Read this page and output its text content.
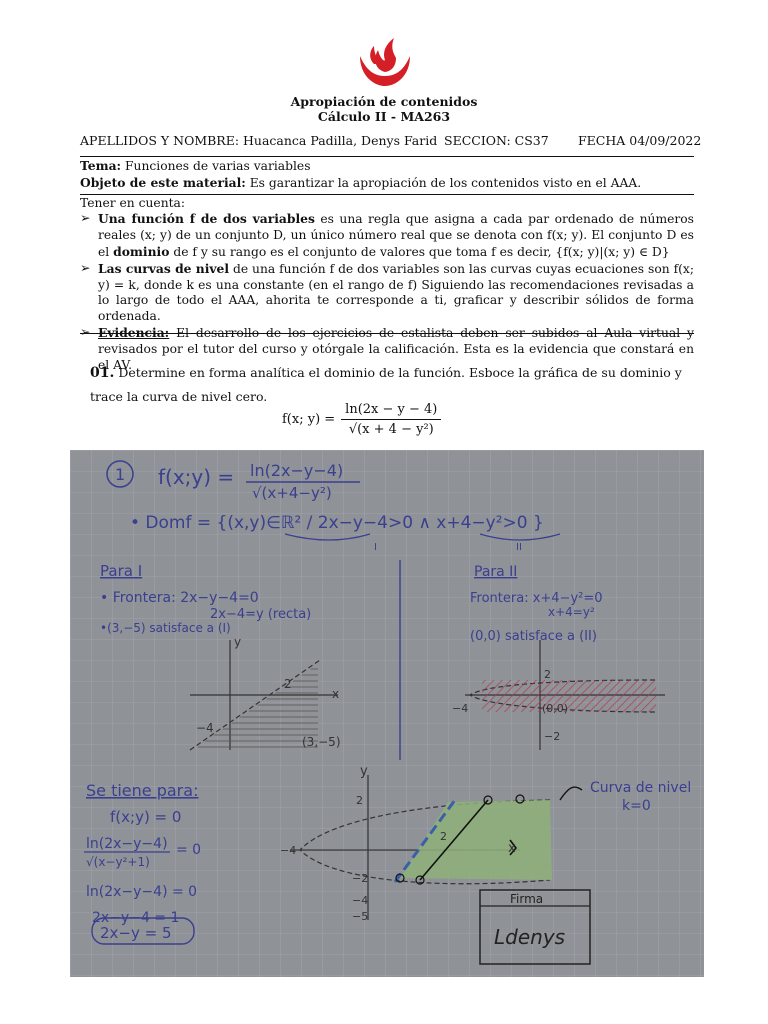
Apropiación de contenidos
Cálculo II - MA263
APELLIDOS Y NOMBRE: Huacanca Padilla, Denys Farid SECCION: CS37 FECHA 04/09/2022
Tema: Funciones de varias variables
Objeto de este material: Es garantizar la apropiación de los contenidos visto en el AAA.
Tener en cuenta:
➢ Una función f de dos variables es una regla que asigna a cada par ordenado de números reales (x; y) de un conjunto D, un único número real que se denota con f(x; y). El conjunto D es el dominio de f y su rango es el conjunto de valores que toma f es decir, {f(x; y)|(x; y) ∈ D}
➢ Las curvas de nivel de una función f de dos variables son las curvas cuyas ecuaciones son f(x; y) = k, donde k es una constante (en el rango de f) Siguiendo las recomendaciones revisadas a lo largo de todo el AAA, ahorita te corresponde a ti, graficar y describir sólidos de forma ordenada.
➢ Evidencia: El desarrollo de los ejercicios de estalista deben ser subidos al Aula virtual y revisados por el tutor del curso y otórgale la calificación. Esta es la evidencia que constará en el AV.
01. Determine en forma analítica el dominio de la función. Esboce la gráfica de su dominio y trace la curva de nivel cero.
f(x; $y) = \frac{\ln(2x - y - 4)}{\text{√(x + 4 − y²)}}$
1 f(x;y) = ln(2x−y−4)
√(x+4−y²)
• Domf = {(x,y)∈ℝ² / 2x−y−4>0 ∧ x+4−y²>0 }
I	II
Para I
• Frontera: 2x−y−4=0
2x−4=y (recta)
•(3,−5) satisface a (I)
Para II
Frontera: x+4−y²=0
x+4=y²
(0,0) satisface a (II)
y
x
2
−4
(3,−5)
2
−4	(0,0)
−2
Se tiene para:
f(x;y) = 0
ln(2x−y−4)
√(x−y²+1)
= 0
ln(2x−y−4) = 0
2x−y−4 = 1
2x−y = 5
y
x
2
−4
2
−2
−4
−5
Curva de nivel
k=0
Firma
Ldenys
